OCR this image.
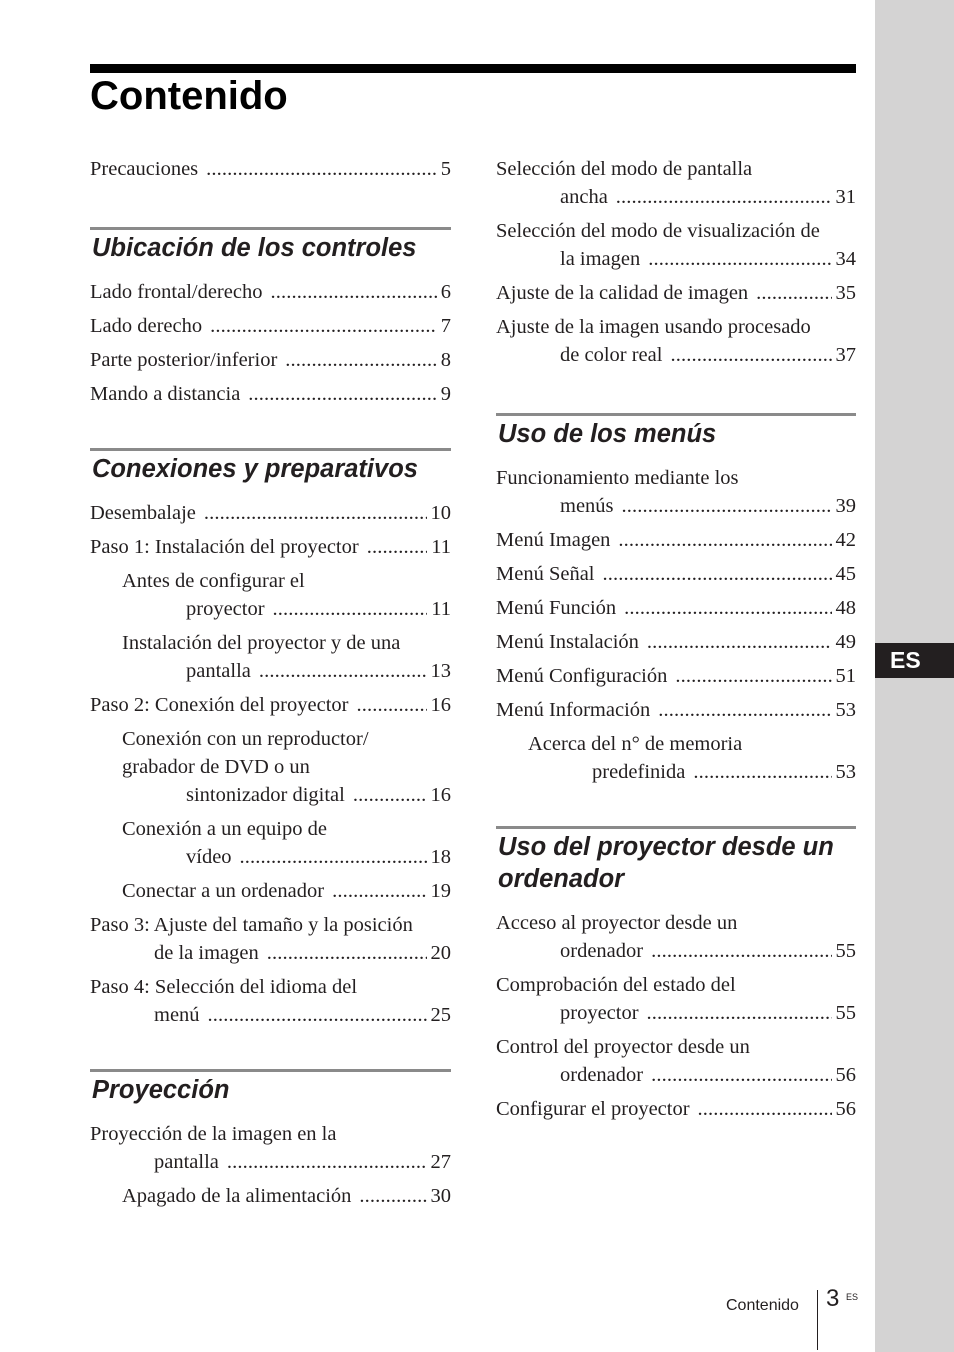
ES
Contenido
Precauciones . . .	5
Ubicación de los controles
Lado frontal/derecho . . .	6
Lado derecho . . .	7
Parte posterior/inferior . . .	8
Mando a distancia . . .	9
Conexiones y preparativos
Desembalaje . . .	10
Paso 1: Instalación del proyector . . .	11
Antes de configurar el
proyector . . .	11
Instalación del proyector y de una
pantalla . . .	13
Paso 2: Conexión del proyector . . .	16
Conexión con un reproductor/
grabador de DVD o un
sintonizador digital . . .	16
Conexión a un equipo de
vídeo . . .	18
Conectar a un ordenador . . .	19
Paso 3: Ajuste del tamaño y la posición
de la imagen . . .	20
Paso 4: Selección del idioma del
menú . . .	25
Proyección
Proyección de la imagen en la
pantalla . . .	27
Apagado de la alimentación . . .	30
Selección del modo de pantalla
ancha . . .	31
Selección del modo de visualización de
la imagen . . .	34
Ajuste de la calidad de imagen . . .	35
Ajuste de la imagen usando procesado
de color real . . .	37
Uso de los menús
Funcionamiento mediante los
menús . . .	39
Menú Imagen . . .	42
Menú Señal . . .	45
Menú Función . . .	48
Menú Instalación . . .	49
Menú Configuración . . .	51
Menú Información . . .	53
Acerca del n° de memoria
predefinida . . .	53
Uso del proyector desde un ordenador
Acceso al proyector desde un
ordenador . . .	55
Comprobación del estado del
proyector . . .	55
Control del proyector desde un
ordenador . . .	56
Configurar el proyector . . .	56
Contenido 3 ES
